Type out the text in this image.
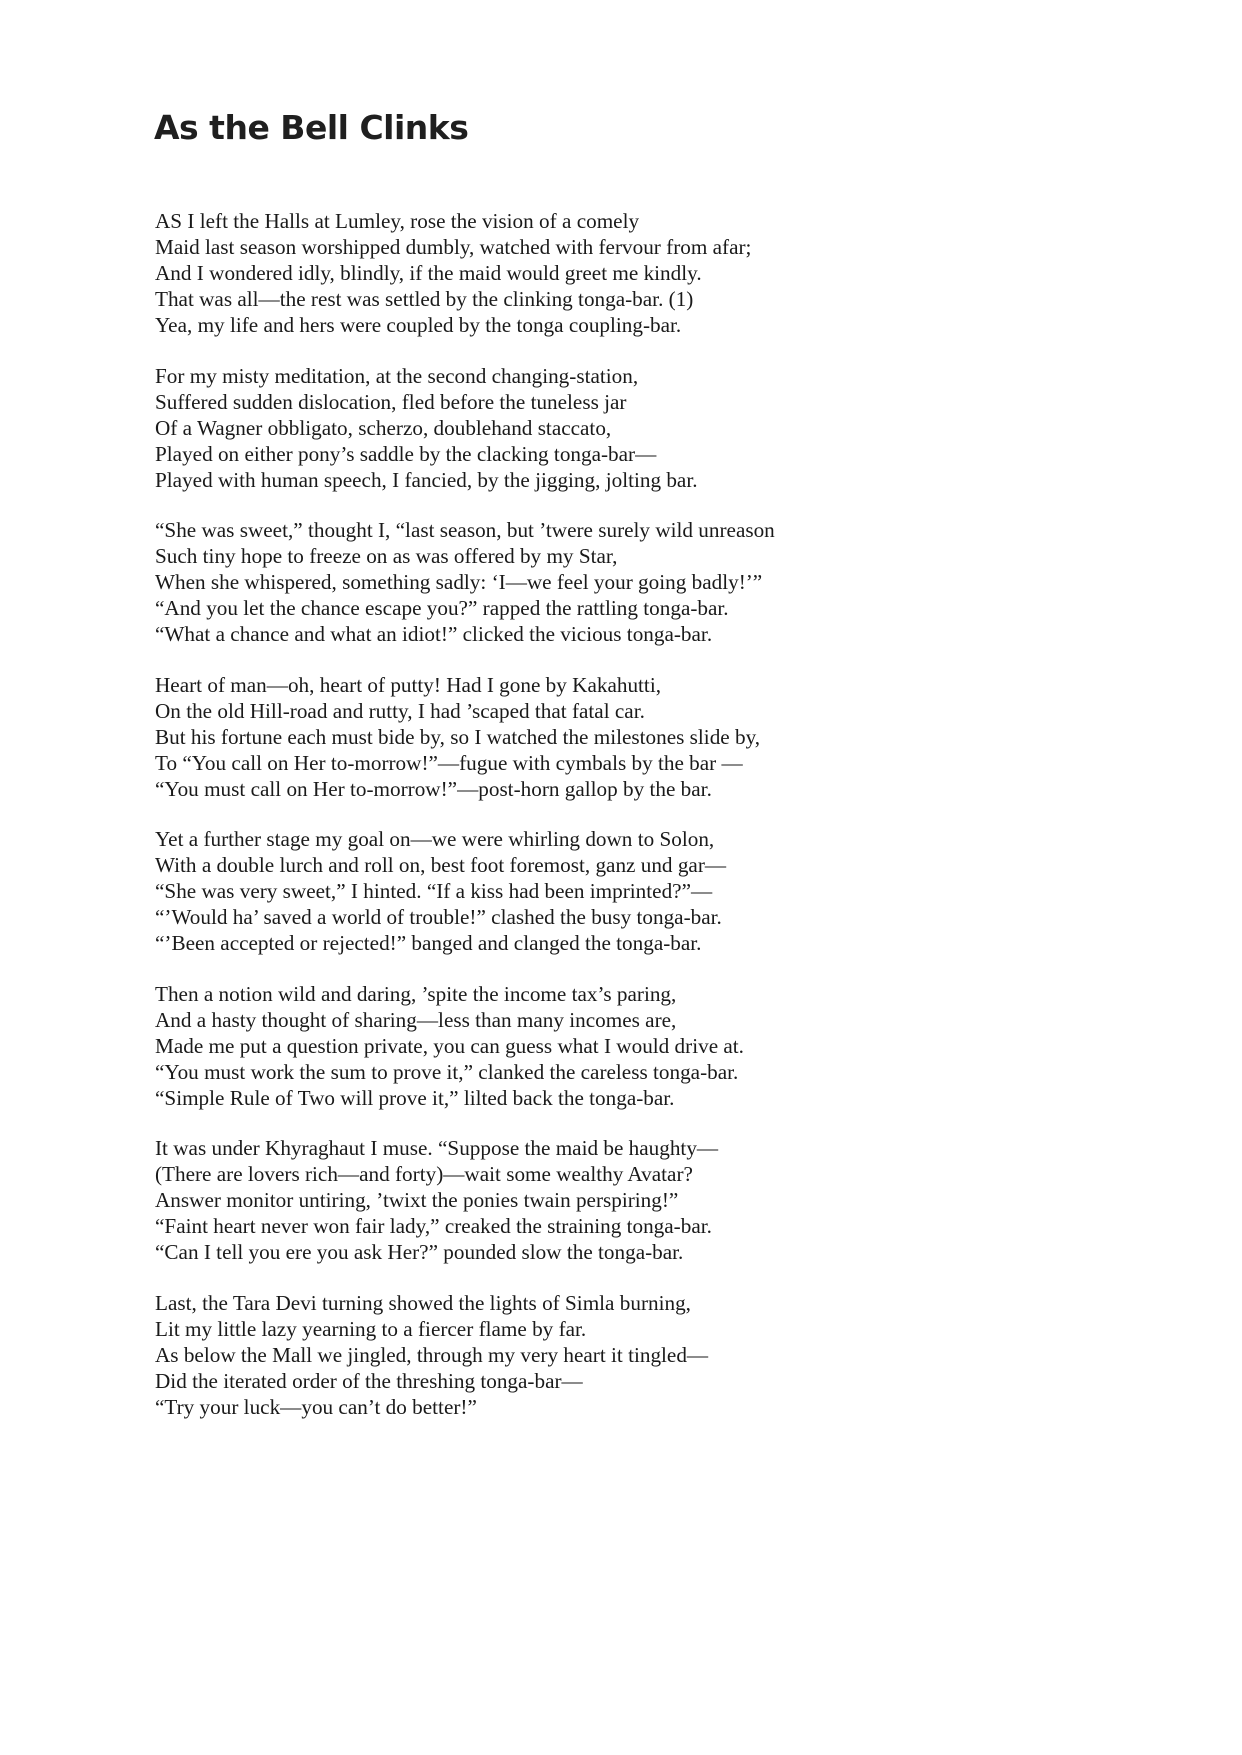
As the Bell Clinks
AS I left the Halls at Lumley, rose the vision of a comely
Maid last season worshipped dumbly, watched with fervour from afar;
And I wondered idly, blindly, if the maid would greet me kindly.
That was all—the rest was settled by the clinking tonga-bar. (1)
Yea, my life and hers were coupled by the tonga coupling-bar.
For my misty meditation, at the second changing-station,
Suffered sudden dislocation, fled before the tuneless jar
Of a Wagner obbligato, scherzo, doublehand staccato,
Played on either pony’s saddle by the clacking tonga-bar—
Played with human speech, I fancied, by the jigging, jolting bar.
“She was sweet,” thought I, “last season, but ’twere surely wild unreason
Such tiny hope to freeze on as was offered by my Star,
When she whispered, something sadly: ‘I—we feel your going badly!’”
“And you let the chance escape you?” rapped the rattling tonga-bar.
“What a chance and what an idiot!” clicked the vicious tonga-bar.
Heart of man—oh, heart of putty! Had I gone by Kakahutti,
On the old Hill-road and rutty, I had ’scaped that fatal car.
But his fortune each must bide by, so I watched the milestones slide by,
To “You call on Her to-morrow!”—fugue with cymbals by the bar —
“You must call on Her to-morrow!”—post-horn gallop by the bar.
Yet a further stage my goal on—we were whirling down to Solon,
With a double lurch and roll on, best foot foremost, ganz und gar—
“She was very sweet,” I hinted. “If a kiss had been imprinted?”—
“’Would ha’ saved a world of trouble!” clashed the busy tonga-bar.
“’Been accepted or rejected!” banged and clanged the tonga-bar.
Then a notion wild and daring, ’spite the income tax’s paring,
And a hasty thought of sharing—less than many incomes are,
Made me put a question private, you can guess what I would drive at.
“You must work the sum to prove it,” clanked the careless tonga-bar.
“Simple Rule of Two will prove it,” lilted back the tonga-bar.
It was under Khyraghaut I muse. “Suppose the maid be haughty—
(There are lovers rich—and forty)—wait some wealthy Avatar?
Answer monitor untiring, ’twixt the ponies twain perspiring!”
“Faint heart never won fair lady,” creaked the straining tonga-bar.
“Can I tell you ere you ask Her?” pounded slow the tonga-bar.
Last, the Tara Devi turning showed the lights of Simla burning,
Lit my little lazy yearning to a fiercer flame by far.
As below the Mall we jingled, through my very heart it tingled—
Did the iterated order of the threshing tonga-bar—
“Try your luck—you can’t do better!”
